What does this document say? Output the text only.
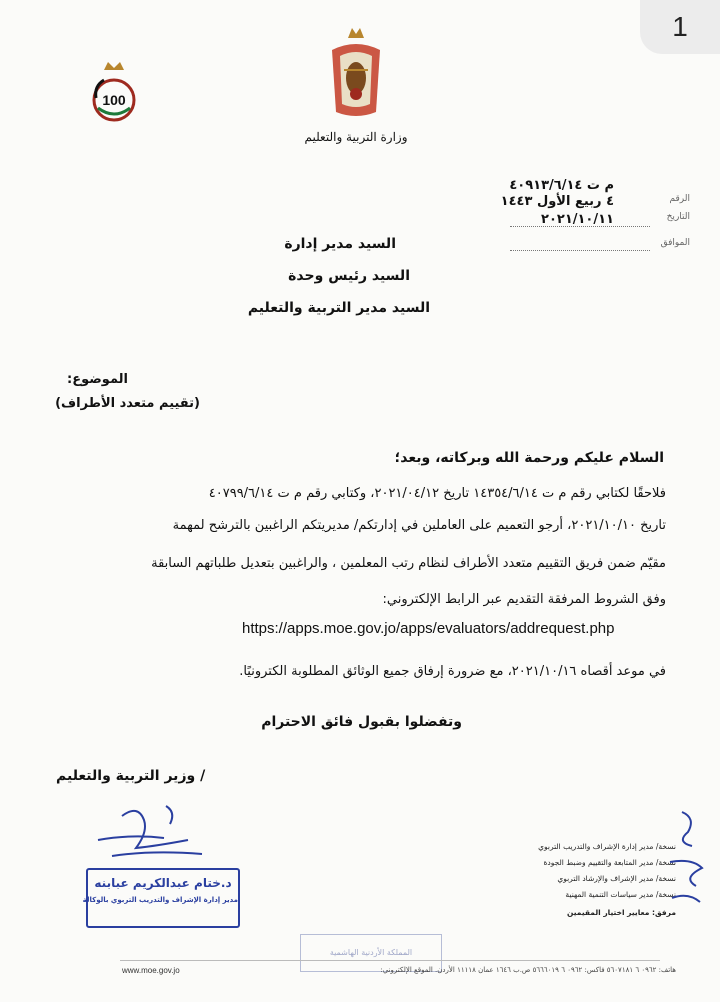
1
100
وزارة التربية والتعليم
م ت ٤٠٩١٣/٦/١٤
الرقم
٤ ربيع الأول ١٤٤٣
التاريخ
٢٠٢١/١٠/١١
الموافق
السيد مدير إدارة
السيد رئيس وحدة
السيد مدير التربية والتعليم
الموضوع:
(تقييم متعدد الأطراف)
السلام عليكم ورحمة الله وبركاته، وبعد؛
فلاحقًا لكتابي رقم م ت ١٤٣٥٤/٦/١٤ تاريخ ٢٠٢١/٠٤/١٢، وكتابي رقم م ت ٤٠٧٩٩/٦/١٤
تاريخ ٢٠٢١/١٠/١٠، أرجو التعميم على العاملين في إدارتكم/ مديريتكم الراغبين بالترشح لمهمة
مقيّم ضمن فريق التقييم متعدد الأطراف لنظام رتب المعلمين ، والراغبين بتعديل طلباتهم السابقة
وفق الشروط المرفقة التقديم عبر الرابط الإلكتروني:
https://apps.moe.gov.jo/apps/evaluators/addrequest.php
في موعد أقصاه ٢٠٢١/١٠/١٦، مع ضرورة إرفاق جميع الوثائق المطلوبة الكترونيًا.
وتفضلوا بقبول فائق الاحترام
/ وزير التربية والتعليم
د.ختام عبدالكريم عبابنه
مدير إدارة الإشراف والتدريب التربوي بالوكالة
نسخة/ مدير إدارة الإشراف والتدريب التربوي
نسخة/ مدير المتابعة والتقييم وضبط الجودة
نسخة/ مدير الإشراف والإرشاد التربوي
نسخة/ مدير سياسات التنمية المهنية
مرفق: معايير اختيار المقيمين
المملكة الأردنية الهاشمية
www.moe.gov.jo	هاتف: ٠٩٦٢ ٦ ٥٦٠٧١٨١ فاكس: ٠٩٦٢ ٦ ٥٦٦٦٠١٩ ص.ب ١٦٤٦ عمان ١١١١٨ الأردن. الموقع الإلكتروني:
